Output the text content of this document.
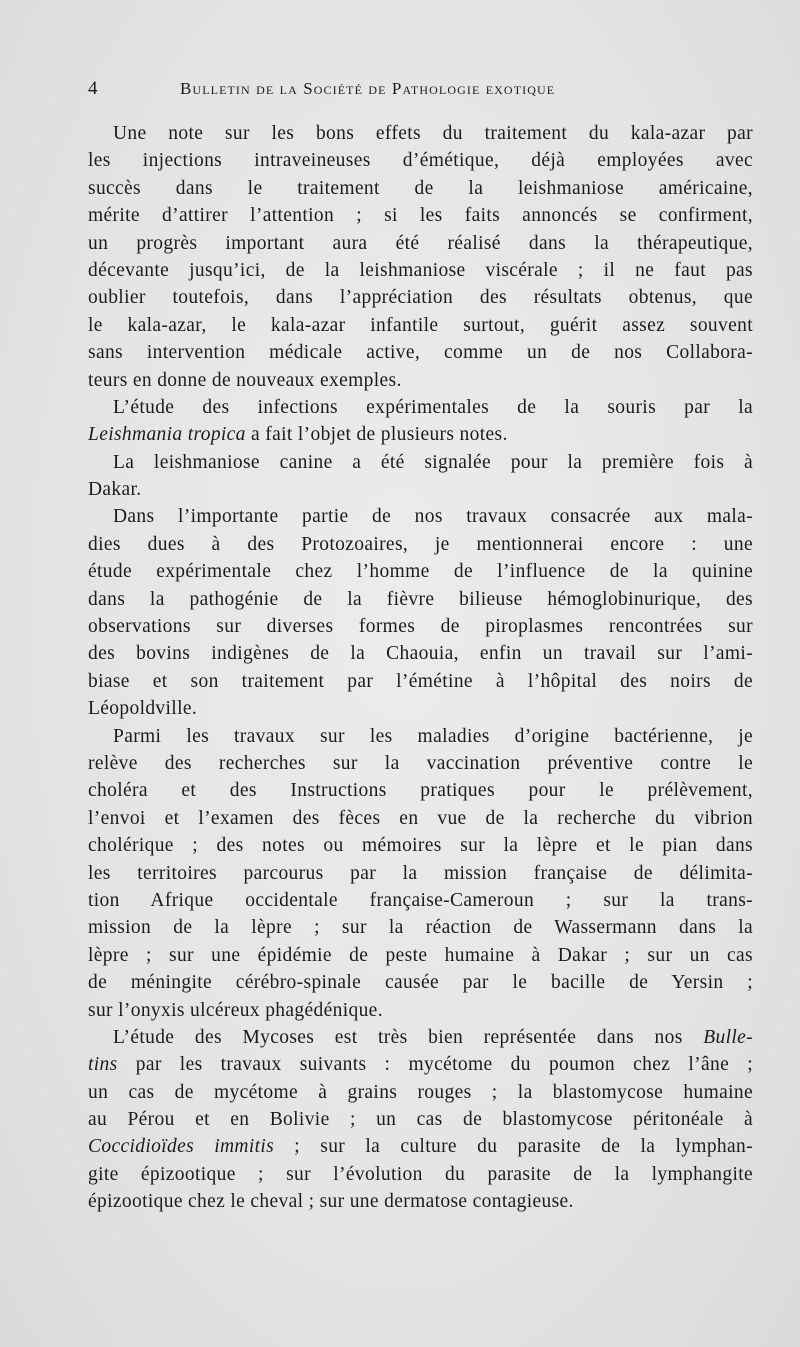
4	Bulletin de la Société de Pathologie exotique
Une note sur les bons effets du traitement du kala-azar par
les injections intraveineuses d’émétique, déjà employées avec
succès dans le traitement de la leishmaniose américaine,
mérite d’attirer l’attention ; si les faits annoncés se confirment,
un progrès important aura été réalisé dans la thérapeutique,
décevante jusqu’ici, de la leishmaniose viscérale ; il ne faut pas
oublier toutefois, dans l’appréciation des résultats obtenus, que
le kala-azar, le kala-azar infantile surtout, guérit assez souvent
sans intervention médicale active, comme un de nos Collabora-
teurs en donne de nouveaux exemples.
L’étude des infections expérimentales de la souris par la
Leishmania tropica a fait l’objet de plusieurs notes.
La leishmaniose canine a été signalée pour la première fois à
Dakar.
Dans l’importante partie de nos travaux consacrée aux mala-
dies dues à des Protozoaires, je mentionnerai encore : une
étude expérimentale chez l’homme de l’influence de la quinine
dans la pathogénie de la fièvre bilieuse hémoglobinurique, des
observations sur diverses formes de piroplasmes rencontrées sur
des bovins indigènes de la Chaouia, enfin un travail sur l’ami-
biase et son traitement par l’émétine à l’hôpital des noirs de
Léopoldville.
Parmi les travaux sur les maladies d’origine bactérienne, je
relève des recherches sur la vaccination préventive contre le
choléra et des Instructions pratiques pour le prélèvement,
l’envoi et l’examen des fèces en vue de la recherche du vibrion
cholérique ; des notes ou mémoires sur la lèpre et le pian dans
les territoires parcourus par la mission française de délimita-
tion Afrique occidentale française-Cameroun ; sur la trans-
mission de la lèpre ; sur la réaction de Wassermann dans la
lèpre ; sur une épidémie de peste humaine à Dakar ; sur un cas
de méningite cérébro-spinale causée par le bacille de Yersin ;
sur l’onyxis ulcéreux phagédénique.
L’étude des Mycoses est très bien représentée dans nos Bulle-
tins par les travaux suivants : mycétome du poumon chez l’âne ;
un cas de mycétome à grains rouges ; la blastomycose humaine
au Pérou et en Bolivie ; un cas de blastomycose péritonéale à
Coccidioïdes immitis ; sur la culture du parasite de la lymphan-
gite épizootique ; sur l’évolution du parasite de la lymphangite
épizootique chez le cheval ; sur une dermatose contagieuse.
